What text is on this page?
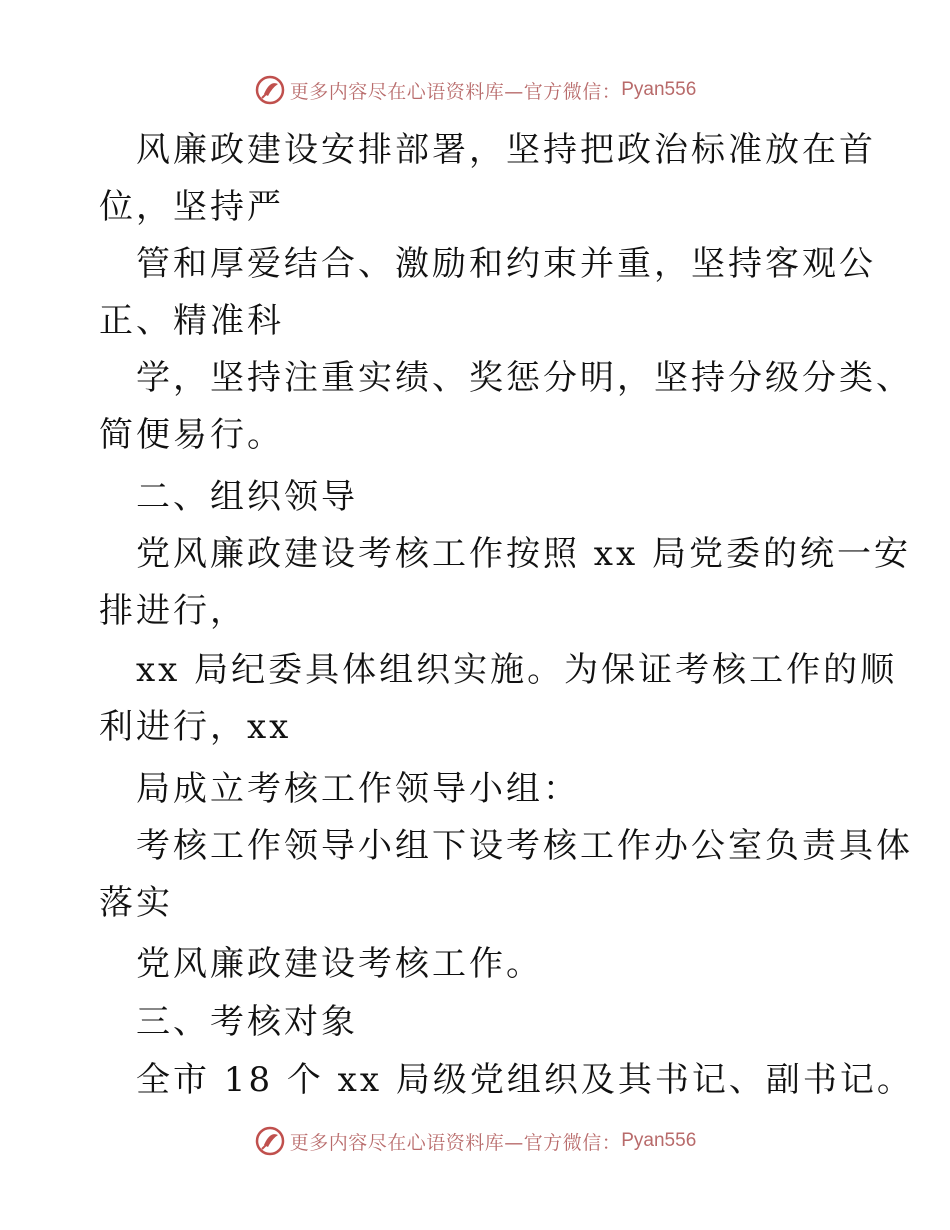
更多内容尽在心语资料库—官方微信： Pyan556
风廉政建设安排部署，坚持把政治标准放在首
位，坚持严
管和厚爱结合、激励和约束并重，坚持客观公
正、精准科
学，坚持注重实绩、奖惩分明，坚持分级分类、
简便易行。
二、组织领导
党风廉政建设考核工作按照 xx 局党委的统一安
排进行，
xx 局纪委具体组织实施。为保证考核工作的顺
利进行，xx
局成立考核工作领导小组：
考核工作领导小组下设考核工作办公室负责具体
落实
党风廉政建设考核工作。
三、考核对象
全市 18 个 xx 局级党组织及其书记、副书记。
更多内容尽在心语资料库—官方微信： Pyan556
